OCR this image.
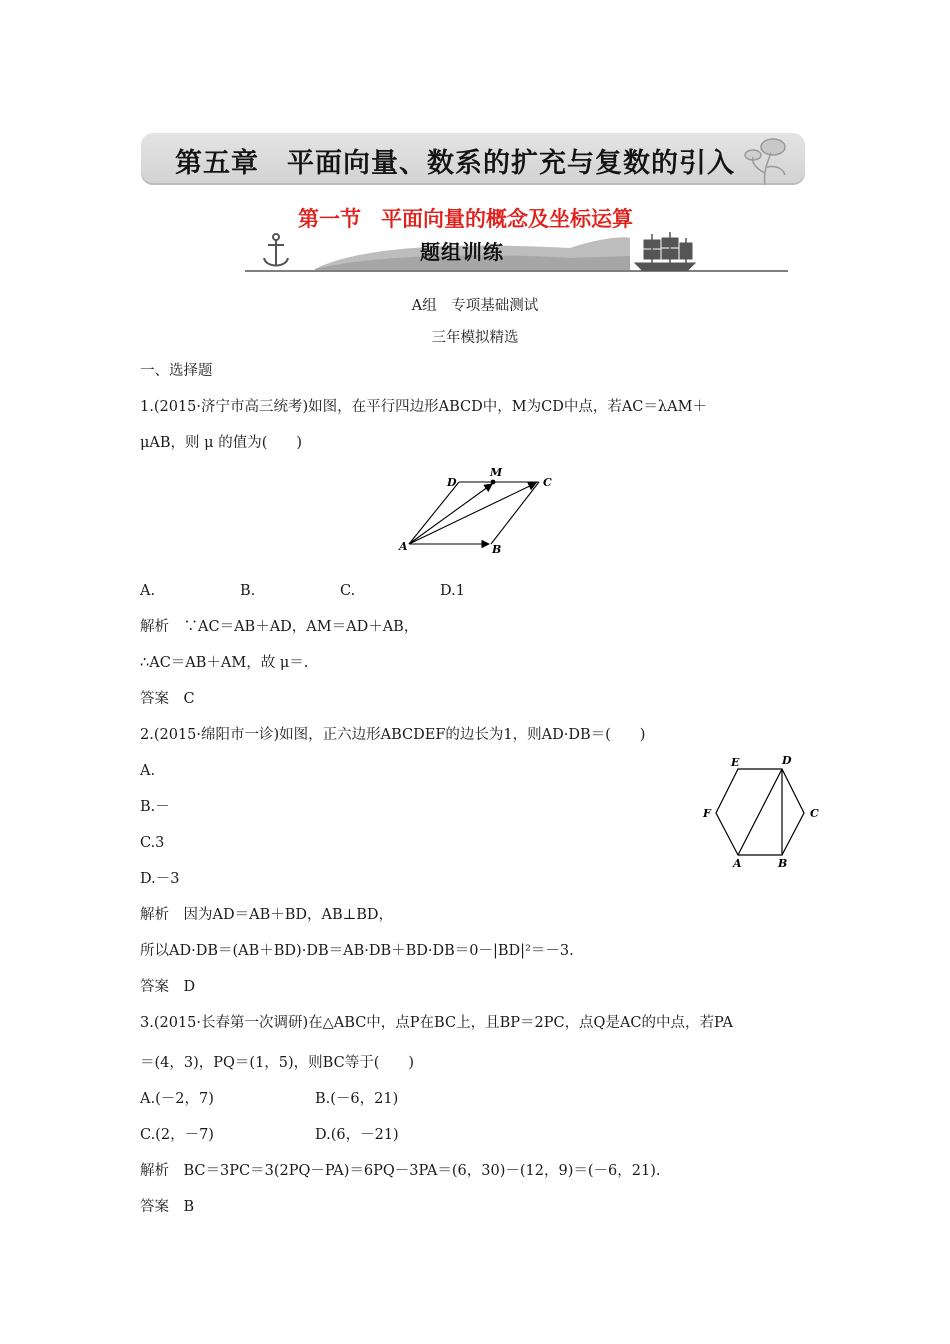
第五章 平面向量、数系的扩充与复数的引入
第一节 平面向量的概念及坐标运算
题组训练
A组　专项基础测试
三年模拟精选
一、选择题
1.(2015·济宁市高三统考)如图，在平行四边形ABCD中，M为CD中点，若AC＝λAM＋
μAB，则 μ 的值为(　　)
A	B
C
D
M
A.	B.	C.	D.1
解析　 ∵AC＝AB＋AD，AM＝AD＋AB，
∴AC＝AB＋AM，故 μ＝.
答案　 C
2.(2015·绵阳市一诊)如图，正六边形ABCDEF的边长为1，则AD·DB＝(　　)
A.
B.－
C.3
D.－3
A	B
C
D
E
F
解析　 因为AD＝AB＋BD，AB⊥BD，
所以AD·DB＝(AB＋BD)·DB＝AB·DB＋BD·DB＝0－|BD|²＝－3.
答案　 D
3.(2015·长春第一次调研)在△ABC中，点P在BC上，且BP＝2PC，点Q是AC的中点，若PA
＝(4，3)，PQ＝(1，5)，则BC等于(　　)
A.(－2，7)	B.(－6，21)
C.(2，－7)	D.(6，－21)
解析　 BC＝3PC＝3(2PQ－PA)＝6PQ－3PA＝(6，30)－(12，9)＝(－6，21).
答案　 B
